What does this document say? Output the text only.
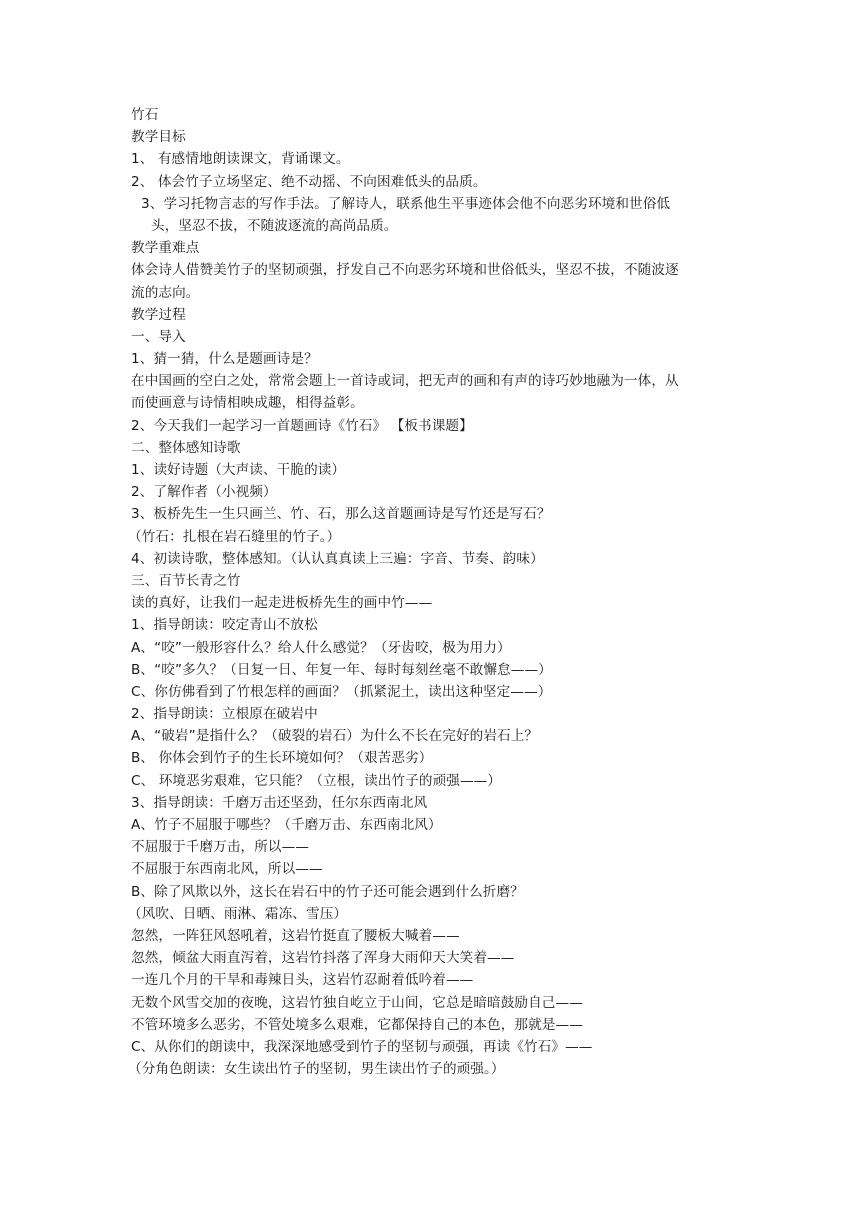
竹石
教学目标
1、 有感情地朗读课文，背诵课文。
2、 体会竹子立场坚定、绝不动摇、不向困难低头的品质。
3、学习托物言志的写作手法。了解诗人，联系他生平事迹体会他不向恶劣环境和世俗低
头，坚忍不拔，不随波逐流的高尚品质。
教学重难点
体会诗人借赞美竹子的坚韧顽强，抒发自己不向恶劣环境和世俗低头，坚忍不拔，不随波逐
流的志向。
教学过程
一、导入
1、猜一猜，什么是题画诗是？
在中国画的空白之处，常常会题上一首诗或词，把无声的画和有声的诗巧妙地融为一体，从
而使画意与诗情相映成趣，相得益彰。
2、今天我们一起学习一首题画诗《竹石》 【板书课题】
二、整体感知诗歌
1、读好诗题（大声读、干脆的读）
2、了解作者（小视频）
3、板桥先生一生只画兰、竹、石，那么这首题画诗是写竹还是写石？
（竹石：扎根在岩石缝里的竹子。）
4、初读诗歌，整体感知。（认认真真读上三遍：字音、节奏、韵味）
三、百节长青之竹
读的真好，让我们一起走进板桥先生的画中竹——
1、指导朗读：咬定青山不放松
A、“咬”一般形容什么？给人什么感觉？（牙齿咬，极为用力）
B、“咬”多久？（日复一日、年复一年、每时每刻丝毫不敢懈怠——）
C、你仿佛看到了竹根怎样的画面？（抓紧泥土，读出这种坚定——）
2、指导朗读：立根原在破岩中
A、“破岩”是指什么？（破裂的岩石）为什么不长在完好的岩石上？
B、 你体会到竹子的生长环境如何？（艰苦恶劣）
C、 环境恶劣艰难，它只能？（立根，读出竹子的顽强——）
3、指导朗读：千磨万击还坚劲，任尔东西南北风
A、竹子不屈服于哪些？（千磨万击、东西南北风）
不屈服于千磨万击，所以——
不屈服于东西南北风，所以——
B、除了风欺以外，这长在岩石中的竹子还可能会遇到什么折磨？
（风吹、日晒、雨淋、霜冻、雪压）
忽然，一阵狂风怒吼着，这岩竹挺直了腰板大喊着——
忽然，倾盆大雨直泻着，这岩竹抖落了浑身大雨仰天大笑着——
一连几个月的干旱和毒辣日头，这岩竹忍耐着低吟着——
无数个风雪交加的夜晚，这岩竹独自屹立于山间，它总是暗暗鼓励自己——
不管环境多么恶劣，不管处境多么艰难，它都保持自己的本色，那就是——
C、从你们的朗读中，我深深地感受到竹子的坚韧与顽强，再读《竹石》——
（分角色朗读：女生读出竹子的坚韧，男生读出竹子的顽强。）
